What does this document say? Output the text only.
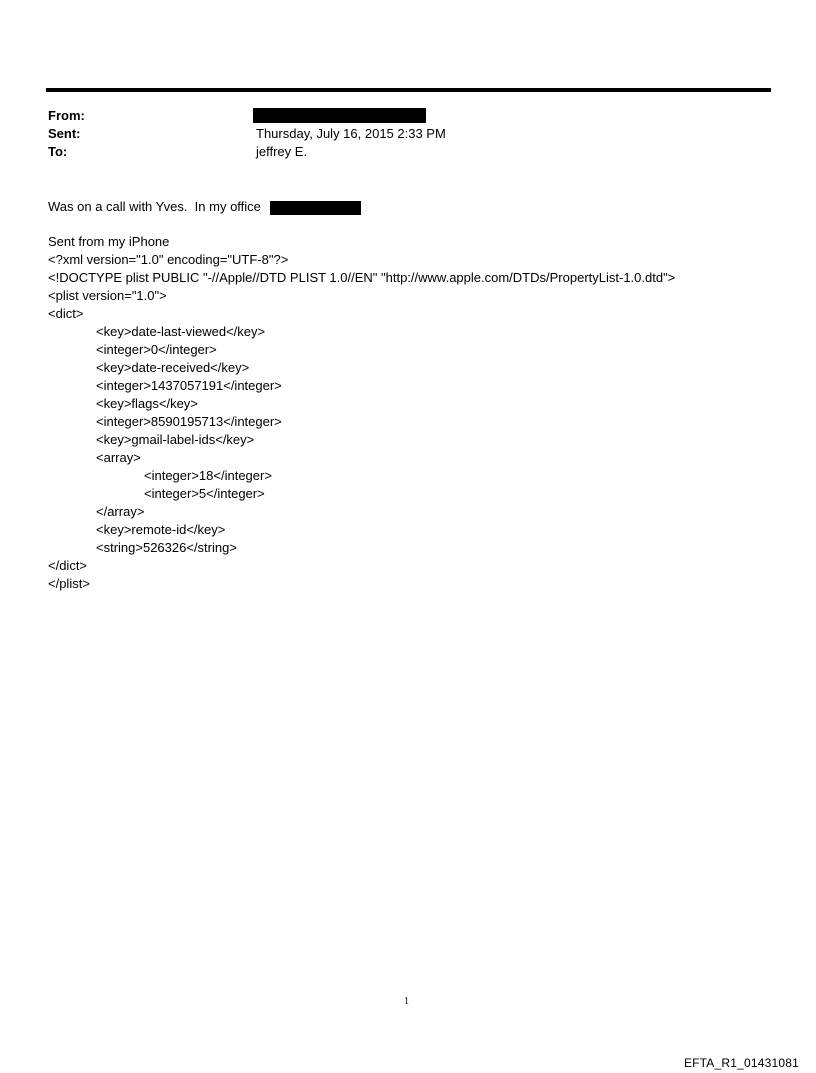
From:
Sent:	Thursday, July 16, 2015 2:33 PM
To:	jeffrey E.
Was on a call with Yves.  In my office
Sent from my iPhone
<?xml version="1.0" encoding="UTF-8"?>
<!DOCTYPE plist PUBLIC "-//Apple//DTD PLIST 1.0//EN" "http://www.apple.com/DTDs/PropertyList-1.0.dtd">
<plist version="1.0">
<dict>
<key>date-last-viewed</key>
<integer>0</integer>
<key>date-received</key>
<integer>1437057191</integer>
<key>flags</key>
<integer>8590195713</integer>
<key>gmail-label-ids</key>
<array>
<integer>18</integer>
<integer>5</integer>
</array>
<key>remote-id</key>
<string>526326</string>
</dict>
</plist>
1
EFTA_R1_01431081
